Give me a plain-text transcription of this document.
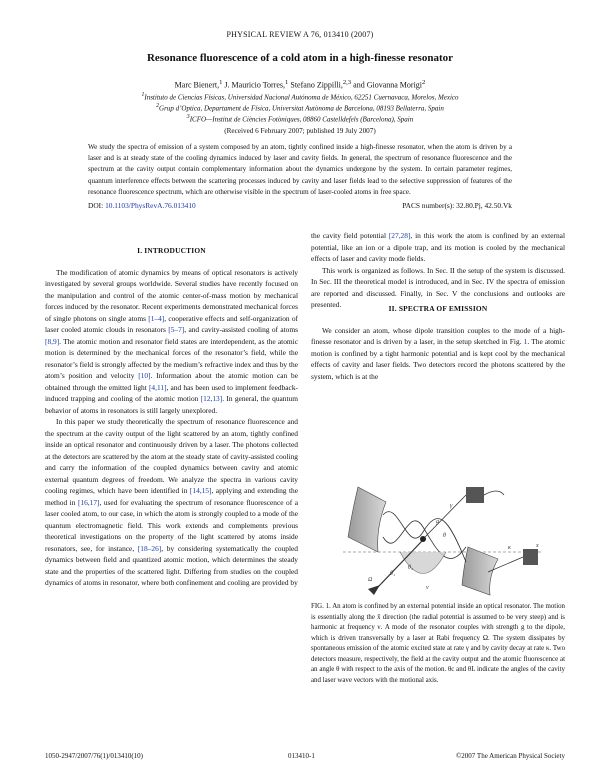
PHYSICAL REVIEW A 76, 013410 (2007)
Resonance fluorescence of a cold atom in a high-finesse resonator
Marc Bienert,$^1$ J. Mauricio Torres,$^1$ Stefano Zippilli,$^{2,3}$ and Giovanna Morigi$^2$
$^1$Instituto de Ciencias Físicas, Universidad Nacional Autónoma de México, 62251 Cuernavaca, Morelos, Mexico
$^2$Grup d’Optica, Departament de Física, Universitat Autònoma de Barcelona, 08193 Bellaterra, Spain
$^3$ICFO—Institut de Ciències Fotòniques, 08860 Castelldefels (Barcelona), Spain
(Received 6 February 2007; published 19 July 2007)
We study the spectra of emission of a system composed by an atom, tightly confined inside a high-finesse resonator, when the atom is driven by a laser and is at steady state of the cooling dynamics induced by laser and cavity fields. In general, the spectrum of resonance fluorescence and the spectrum at the cavity output contain complementary information about the dynamics undergone by the system. In certain parameter regimes, quantum interference effects between the scattering processes induced by cavity and laser fields lead to the selective suppression of features of the resonance fluorescence spectrum, which are otherwise visible in the spectrum of laser-cooled atoms in free space.
DOI: 10.1103/PhysRevA.76.013410	PACS number(s): 32.80.Pj, 42.50.Vk
I. INTRODUCTION

The modification of atomic dynamics by means of optical resonators is actively investigated by several groups worldwide. Several studies have recently focused on the manipulation and control of the atomic center-of-mass motion by mechanical forces induced by the resonator. Recent experiments demonstrated mechanical forces of single photons on single atoms [1–4], cooperative effects and self-organization of laser cooled atomic clouds in resonators [5–7], and cavity-assisted cooling of atoms [8,9]. The atomic motion and resonator field states are interdependent, as the atomic motion is determined by the mechanical forces of the resonator’s field, while the resonator’s field is strongly affected by the medium’s refractive index and thus by the atom’s position and velocity [10]. Information about the atomic motion can be obtained through the emitted light [4,11], and has been used to implement feedback-induced trapping and cooling of the atomic motion [12,13]. In general, the quantum behavior of atoms in resonators is still largely unexplored.

In this paper we study theoretically the spectrum of resonance fluorescence and the spectrum at the cavity output of the light scattered by an atom, tightly confined inside an optical resonator and continuously driven by a laser. The photons collected at the detectors are scattered by the atom at the steady state of cavity-assisted cooling and carry the information of the coupled dynamics between cavity and atomic external quantum degrees of freedom. We analyze the spectra in various cavity cooling regimes, which have been identified in [14,15], applying and extending the method in [16,17], used for evaluating the spectrum of resonance fluorescence of a laser cooled atom, to our case, in which the atom is strongly coupled to a mode of the quantum electromagnetic field. This work extends and complements previous theoretical investigations on the property of the light scattered by atoms inside resonators, see, for instance, [18–26], by considering systematically the coupled dynamics between field and quantized atomic motion, which determines the steady state and the properties of the scattered light. Differing from studies on the coupled dynamics of atoms in resonator, where both confinement and cooling are provided by

the cavity field potential [27,28], in this work the atom is confined by an external potential, like an ion or a dipole trap, and its motion is cooled by the mechanical effects of laser and cavity mode fields.

This work is organized as follows. In Sec. II the setup of the system is discussed. In Sec. III the theoretical model is introduced, and in Sec. IV the spectra of emission are reported and discussed. Finally, in Sec. V the conclusions and outlooks are presented.	II. SPECTRA OF EMISSION

We consider an atom, whose dipole transition couples to the mode of a high-finesse resonator and is driven by a laser, in the setup sketched in Fig. 1. The atomic motion is confined by a tight harmonic potential and is kept cool by the mechanical effects of cavity and laser fields. Two detectors record the photons scattered by the system, which is at the

θ₁
θ₂
θ
γ
κ
Ω
ν
g
x
FIG. 1. An atom is confined by an external potential inside an optical resonator. The motion is essentially along the x̂ direction (the radial potential is assumed to be very steep) and is harmonic at frequency ν. A mode of the resonator couples with strength g to the dipole, which is driven transversally by a laser at Rabi frequency Ω. The system dissipates by spontaneous emission of the atomic excited state at rate γ and by cavity decay at rate κ. Two detectors measure, respectively, the field at the cavity output and the atomic fluorescence at an angle θ with respect to the axis of the motion. θc and θL indicate the angles of the cavity and laser wave vectors with the motional axis.
1050-2947/2007/76(1)/013410(10)	013410-1	©2007 The American Physical Society
